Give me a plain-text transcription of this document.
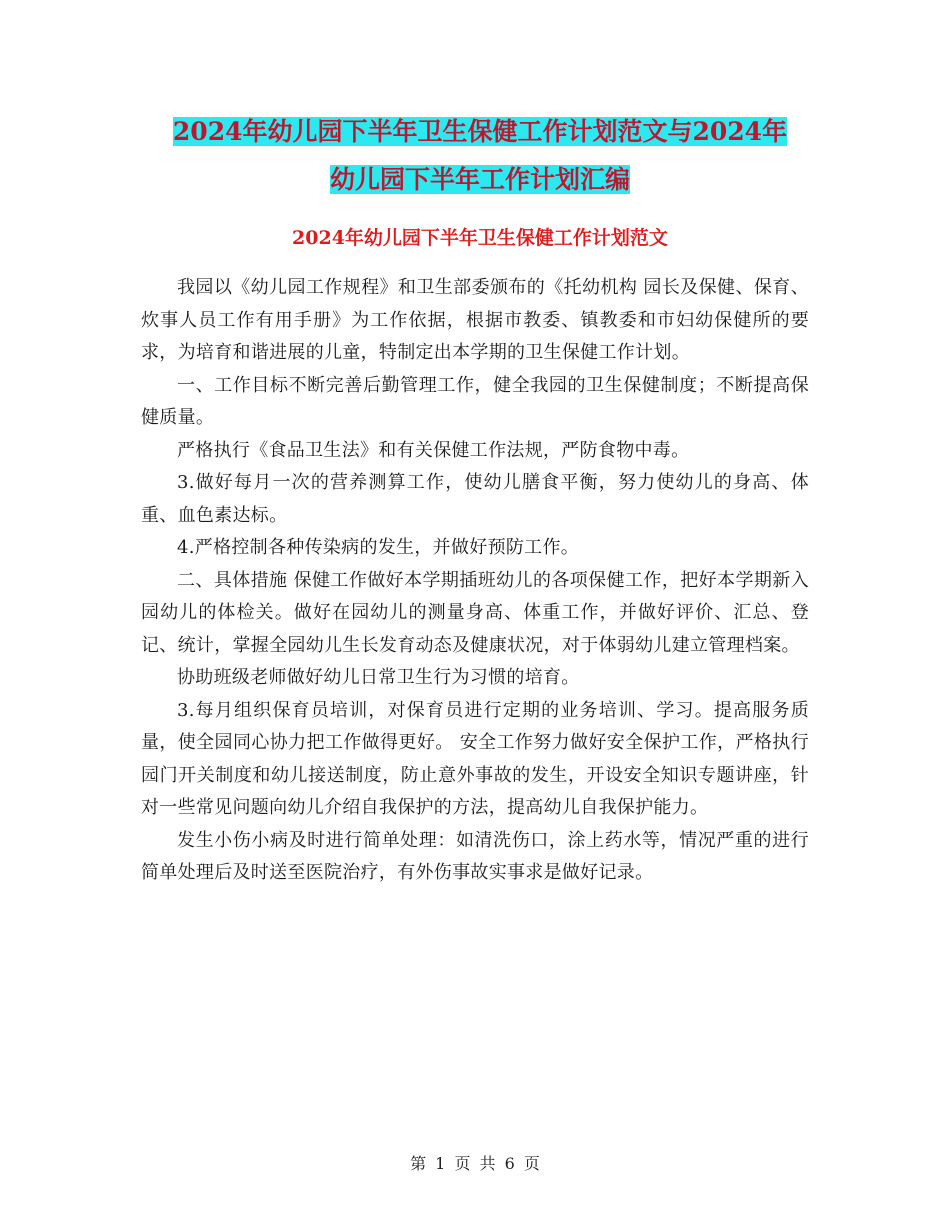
2024年幼儿园下半年卫生保健工作计划范文与2024年
幼儿园下半年工作计划汇编
2024年幼儿园下半年卫生保健工作计划范文

我园以《幼儿园工作规程》和卫生部委颁布的《托幼机构 园长及保健、保育、炊事人员工作有用手册》为工作依据，根据市教委、镇教委和市妇幼保健所的要求，为培育和谐进展的儿童，特制定出本学期的卫生保健工作计划。

一、工作目标不断完善后勤管理工作，健全我园的卫生保健制度；不断提高保健质量。

严格执行《食品卫生法》和有关保健工作法规，严防食物中毒。

3.做好每月一次的营养测算工作，使幼儿膳食平衡，努力使幼儿的身高、体重、血色素达标。

4.严格控制各种传染病的发生，并做好预防工作。

二、具体措施 保健工作做好本学期插班幼儿的各项保健工作，把好本学期新入园幼儿的体检关。做好在园幼儿的测量身高、体重工作，并做好评价、汇总、登记、统计，掌握全园幼儿生长发育动态及健康状况，对于体弱幼儿建立管理档案。

协助班级老师做好幼儿日常卫生行为习惯的培育。

3.每月组织保育员培训，对保育员进行定期的业务培训、学习。提高服务质量，使全园同心协力把工作做得更好。 安全工作努力做好安全保护工作，严格执行园门开关制度和幼儿接送制度，防止意外事故的发生，开设安全知识专题讲座，针对一些常见问题向幼儿介绍自我保护的方法，提高幼儿自我保护能力。

发生小伤小病及时进行简单处理：如清洗伤口，涂上药水等，情况严重的进行简单处理后及时送至医院治疗，有外伤事故实事求是做好记录。

第 1 页 共 6 页
